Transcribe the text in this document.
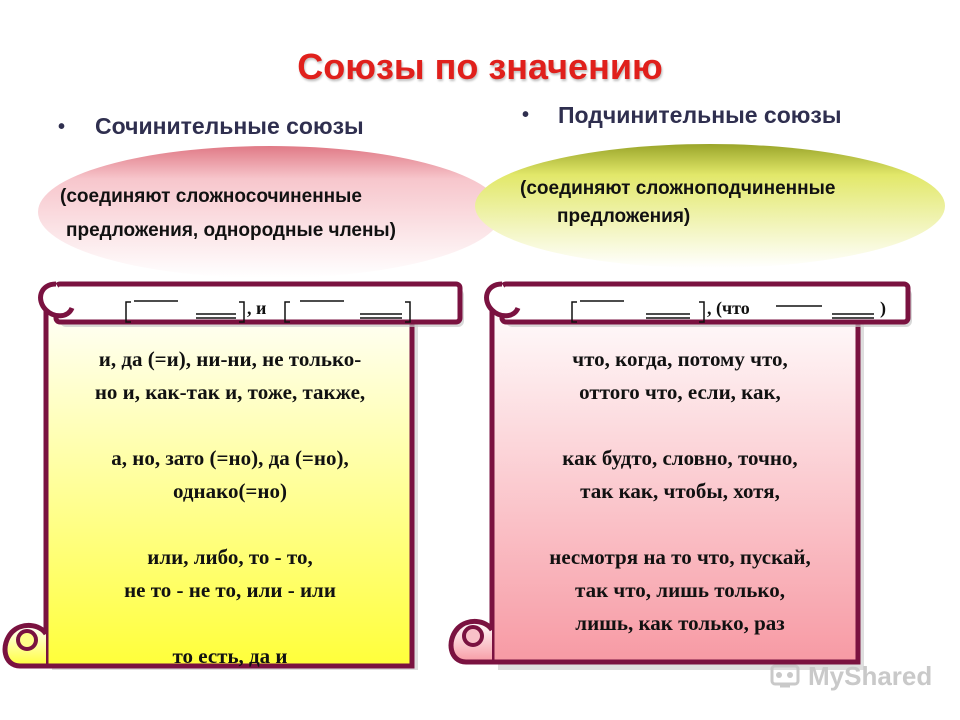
Союзы по значению
• Сочинительные союзы	• Подчинительные союзы
(соединяют сложносочиненные
предложения, однородные члены)
(соединяют сложноподчиненные
предложения)
, и	, (что	)
и, да (=и), ни-ни, не только-
но и, как-так и, тоже, также,
а, но, зато (=но), да (=но),
однако(=но)
или, либо, то - то,
не то - не то, или - или
то есть, да и
что, когда, потому что,
оттого что, если, как,
как будто, словно, точно,
так как, чтобы, хотя,
несмотря на то что, пускай,
так что, лишь только,
лишь, как только, раз
MyShared
